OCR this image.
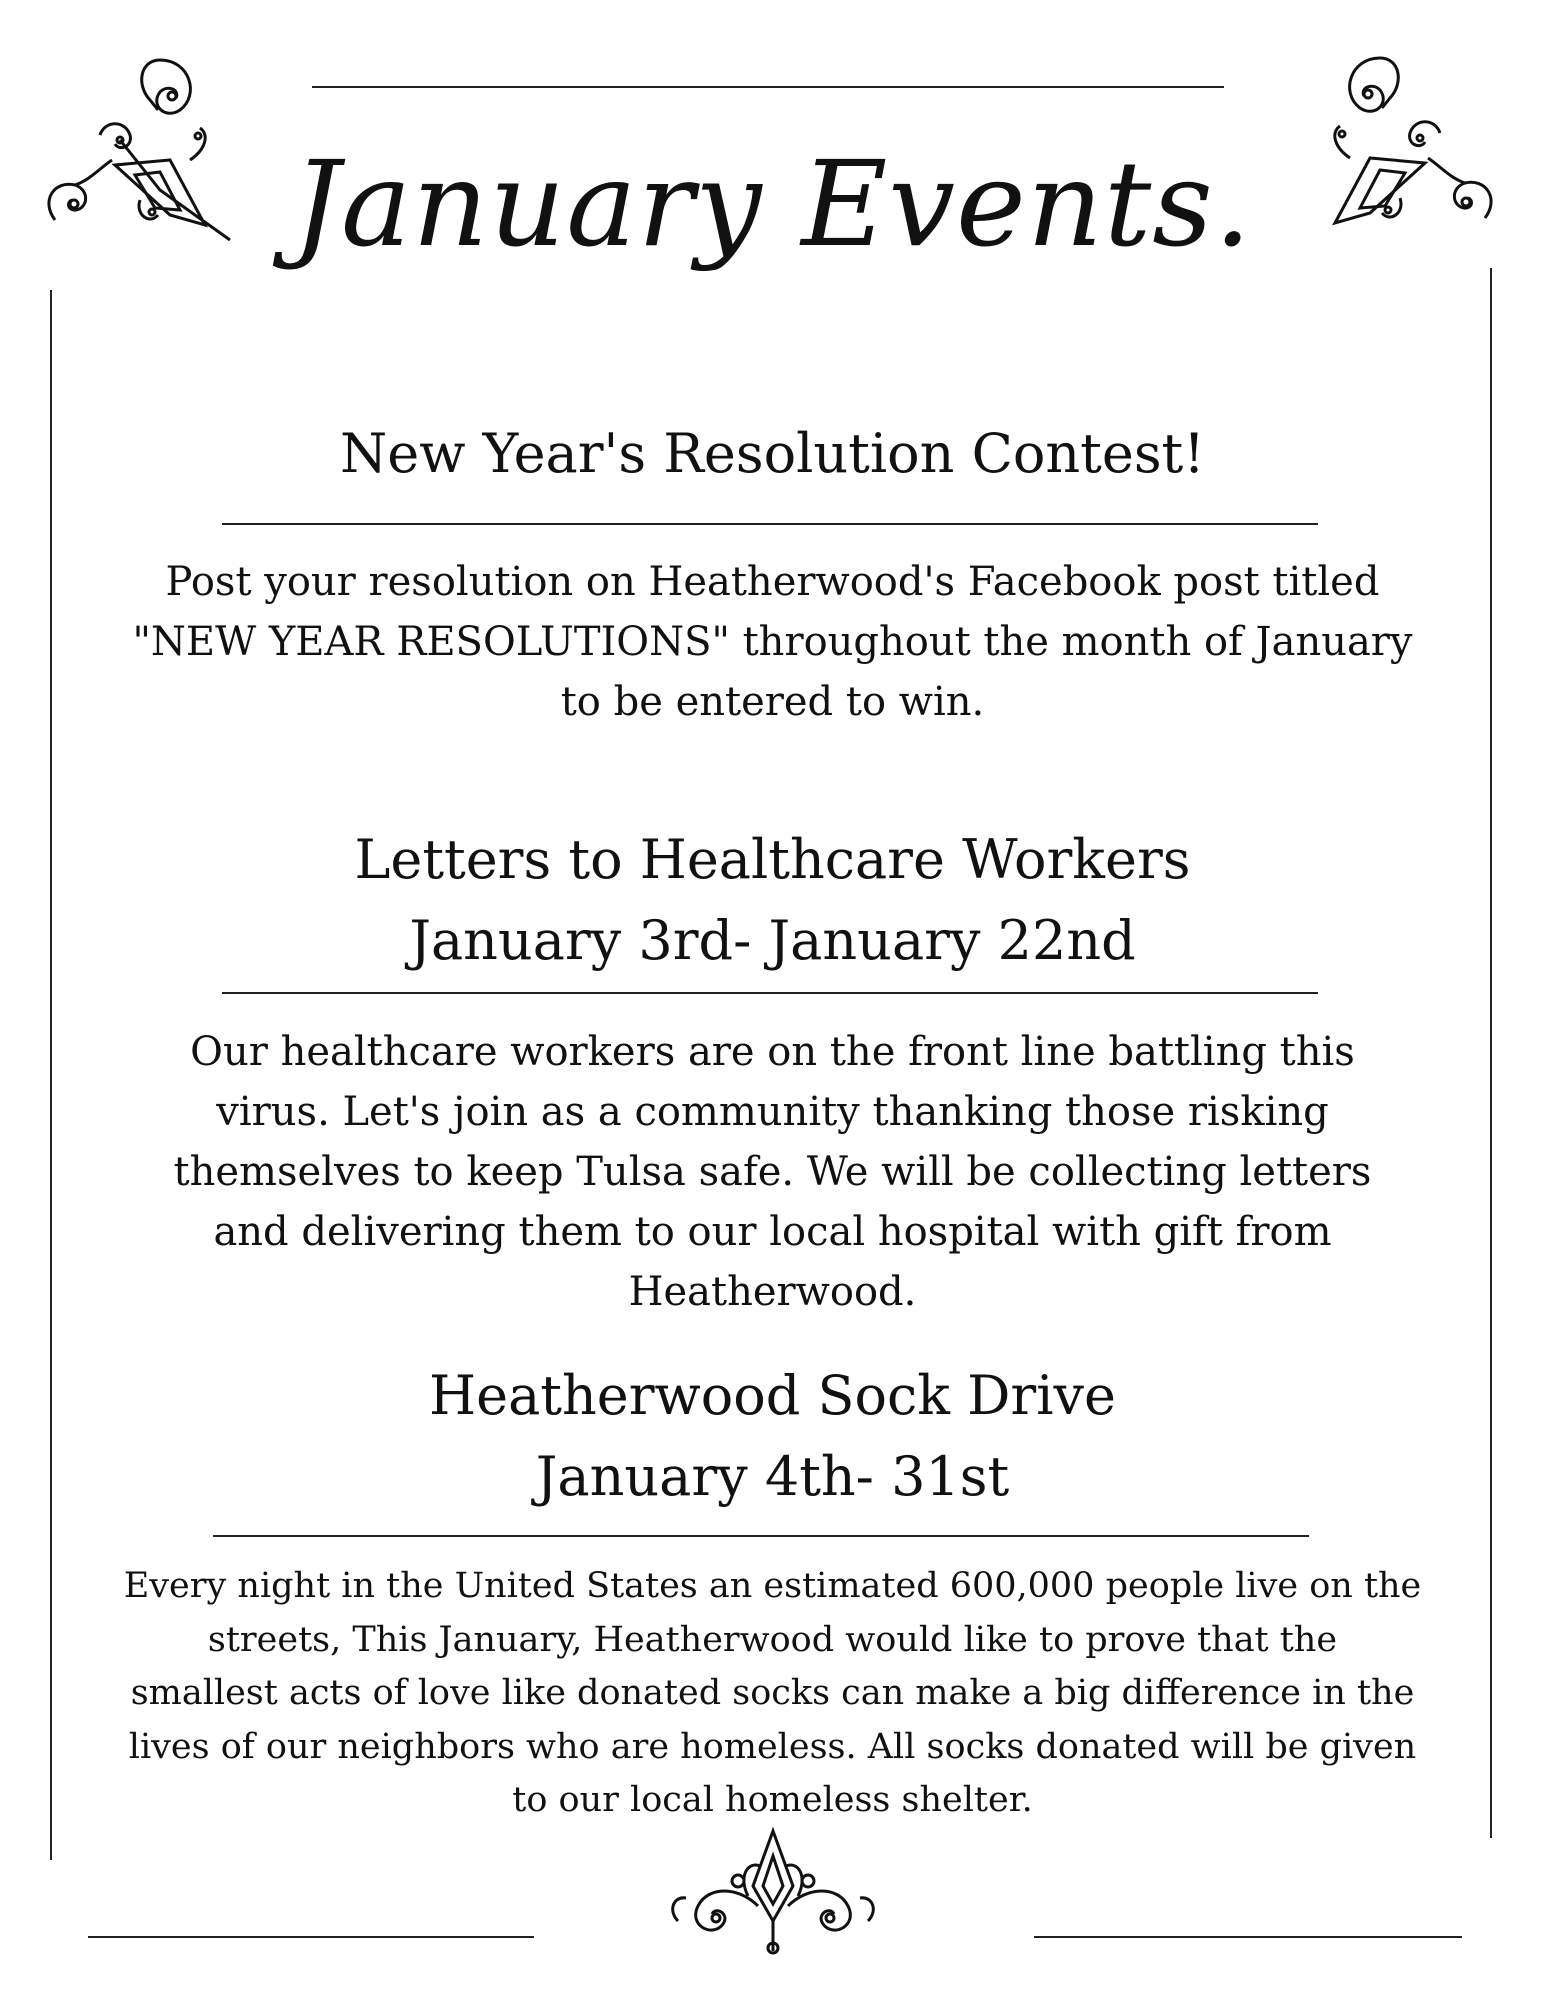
January Events.
New Year's Resolution Contest!
Post your resolution on Heatherwood's Facebook post titled
"NEW YEAR RESOLUTIONS" throughout the month of January
to be entered to win.
Letters to Healthcare Workers
January 3rd- January 22nd
Our healthcare workers are on the front line battling this
virus. Let's join as a community thanking those risking
themselves to keep Tulsa safe. We will be collecting letters
and delivering them to our local hospital with gift from
Heatherwood.
Heatherwood Sock Drive
January 4th- 31st
Every night in the United States an estimated 600,000 people live on the
streets, This January, Heatherwood would like to prove that the
smallest acts of love like donated socks can make a big difference in the
lives of our neighbors who are homeless. All socks donated will be given
to our local homeless shelter.
